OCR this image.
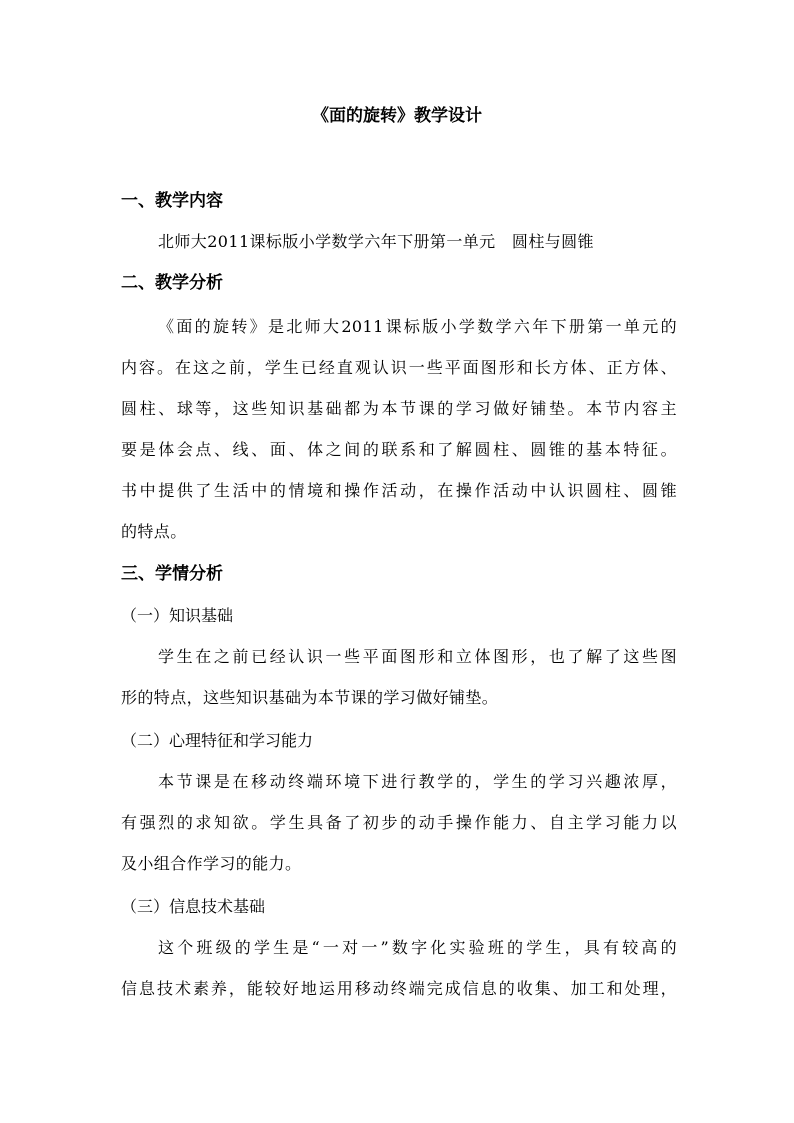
《面的旋转》教学设计
一、教学内容
北师大2011课标版小学数学六年下册第一单元　圆柱与圆锥
二、教学分析
《面的旋转》是北师大2011课标版小学数学六年下册第一单元的
内容。在这之前，学生已经直观认识一些平面图形和长方体、正方体、
圆柱、球等，这些知识基础都为本节课的学习做好铺垫。本节内容主
要是体会点、线、面、体之间的联系和了解圆柱、圆锥的基本特征。
书中提供了生活中的情境和操作活动，在操作活动中认识圆柱、圆锥
的特点。
三、学情分析
（一）知识基础
学生在之前已经认识一些平面图形和立体图形，也了解了这些图
形的特点，这些知识基础为本节课的学习做好铺垫。
（二）心理特征和学习能力
本节课是在移动终端环境下进行教学的，学生的学习兴趣浓厚，
有强烈的求知欲。学生具备了初步的动手操作能力、自主学习能力以
及小组合作学习的能力。
（三）信息技术基础
这个班级的学生是“一对一”数字化实验班的学生，具有较高的
信息技术素养，能较好地运用移动终端完成信息的收集、加工和处理，
